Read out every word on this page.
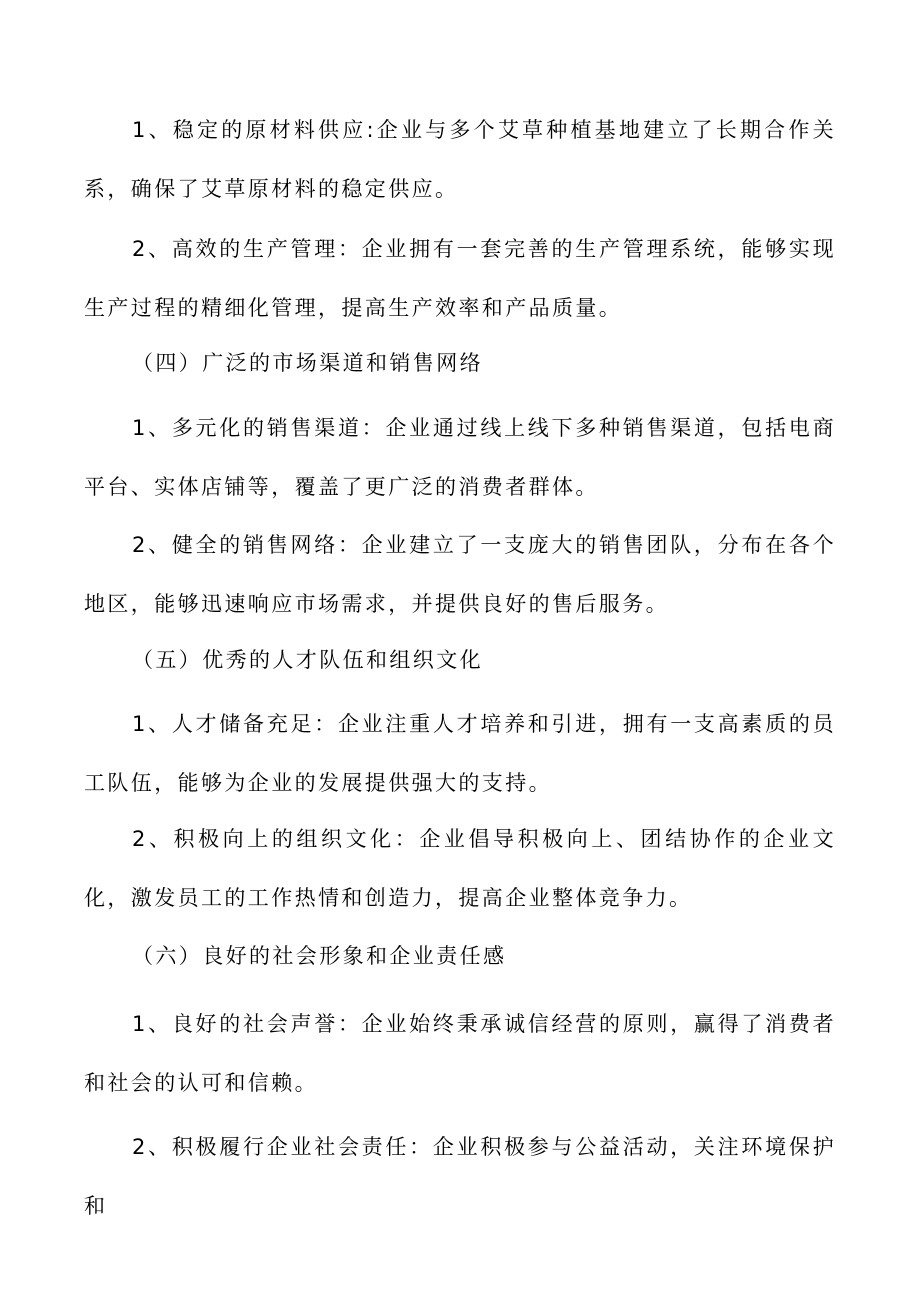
1、稳定的原材料供应:企业与多个艾草种植基地建立了长期合作关系，确保了艾草原材料的稳定供应。

2、高效的生产管理：企业拥有一套完善的生产管理系统，能够实现生产过程的精细化管理，提高生产效率和产品质量。

（四）广泛的市场渠道和销售网络

1、多元化的销售渠道：企业通过线上线下多种销售渠道，包括电商平台、实体店铺等，覆盖了更广泛的消费者群体。

2、健全的销售网络：企业建立了一支庞大的销售团队，分布在各个地区，能够迅速响应市场需求，并提供良好的售后服务。

（五）优秀的人才队伍和组织文化

1、人才储备充足：企业注重人才培养和引进，拥有一支高素质的员工队伍，能够为企业的发展提供强大的支持。

2、积极向上的组织文化：企业倡导积极向上、团结协作的企业文化，激发员工的工作热情和创造力，提高企业整体竞争力。

（六）良好的社会形象和企业责任感

1、良好的社会声誉：企业始终秉承诚信经营的原则，赢得了消费者和社会的认可和信赖。

2、积极履行企业社会责任：企业积极参与公益活动，关注环境保护和
